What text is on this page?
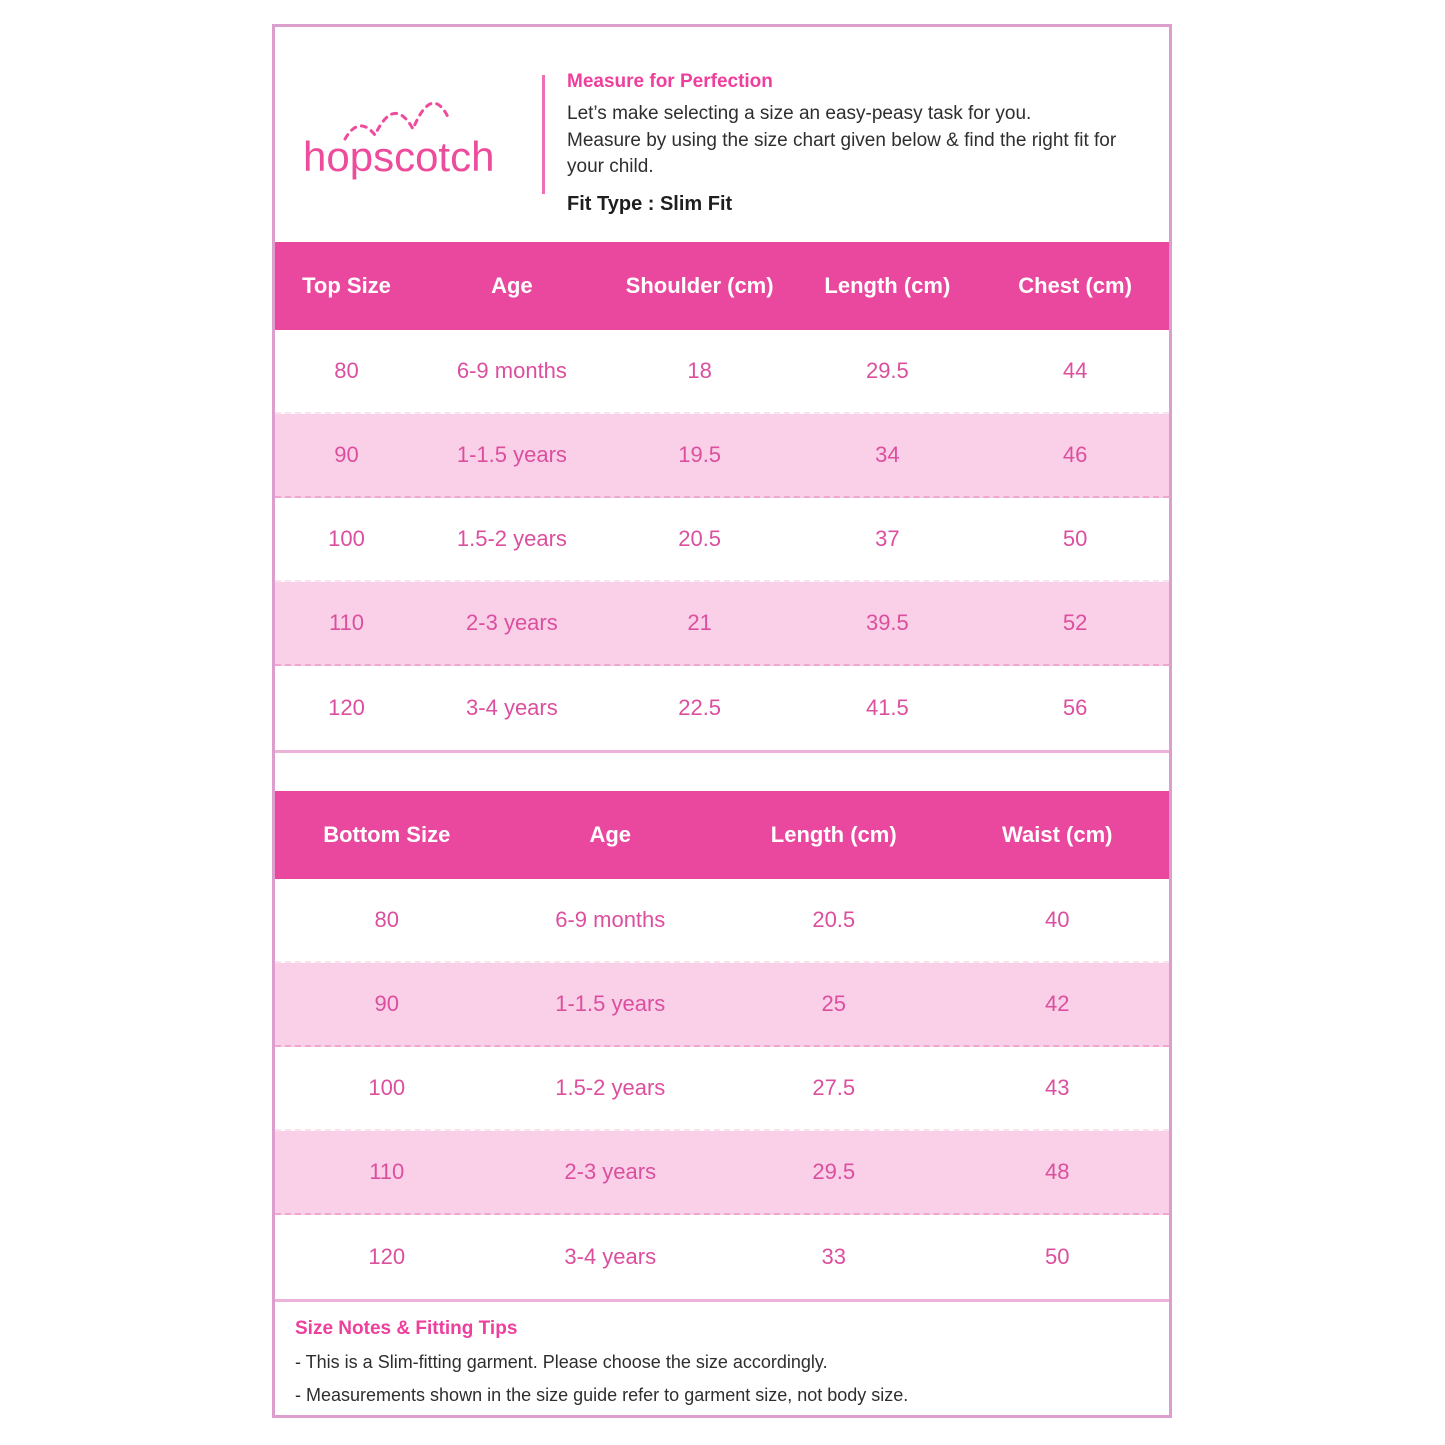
hopscotch
Measure for Perfection

Let’s make selecting a size an easy-peasy task for you.
Measure by using the size chart given below & find the right fit for your child.

Fit Type : Slim Fit

Top Size	Age	Shoulder (cm)	Length (cm)	Chest (cm)
80	6-9 months	18	29.5	44
90	1-1.5 years	19.5	34	46
100	1.5-2 years	20.5	37	50
110	2-3 years	21	39.5	52
120	3-4 years	22.5	41.5	56
Bottom Size	Age	Length (cm)	Waist (cm)
80	6-9 months	20.5	40
90	1-1.5 years	25	42
100	1.5-2 years	27.5	43
110	2-3 years	29.5	48
120	3-4 years	33	50
Size Notes & Fitting Tips

- This is a Slim-fitting garment. Please choose the size accordingly.

- Measurements shown in the size guide refer to garment size, not body size.
